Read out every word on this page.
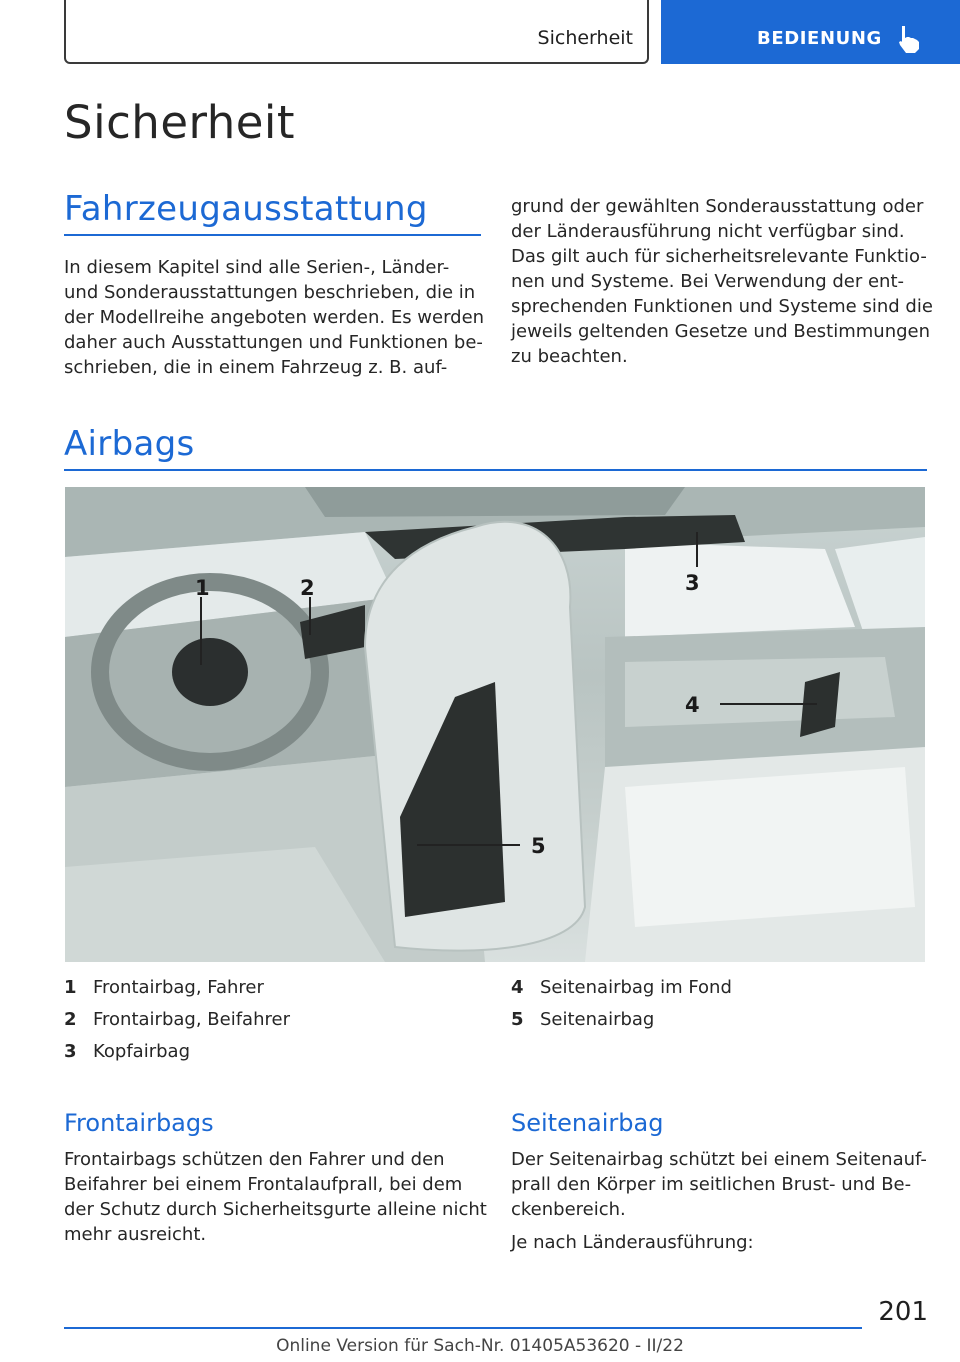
Sicherheit	BEDIENUNG
Sicherheit
Fahrzeugausstattung
In diesem Kapitel sind alle Serien-, Länder-
und Sonderausstattungen beschrieben, die in
der Modellreihe angeboten werden. Es werden
daher auch Ausstattungen und Funktionen be-
schrieben, die in einem Fahrzeug z. B. auf-
grund der gewählten Sonderausstattung oder
der Länderausführung nicht verfügbar sind.
Das gilt auch für sicherheitsrelevante Funktio-
nen und Systeme. Bei Verwendung der ent-
sprechenden Funktionen und Systeme sind die
jeweils geltenden Gesetze und Bestimmungen
zu beachten.
Airbags
1	2	3
4
5
1 Frontairbag, Fahrer
2 Frontairbag, Beifahrer
3 Kopfairbag
4 Seitenairbag im Fond
5 Seitenairbag
Frontairbags
Frontairbags schützen den Fahrer und den
Beifahrer bei einem Frontalaufprall, bei dem
der Schutz durch Sicherheitsgurte alleine nicht
mehr ausreicht.
Seitenairbag
Der Seitenairbag schützt bei einem Seitenauf-
prall den Körper im seitlichen Brust- und Be-
ckenbereich.
Je nach Länderausführung:
201
Online Version für Sach-Nr. 01405A53620 - II/22
